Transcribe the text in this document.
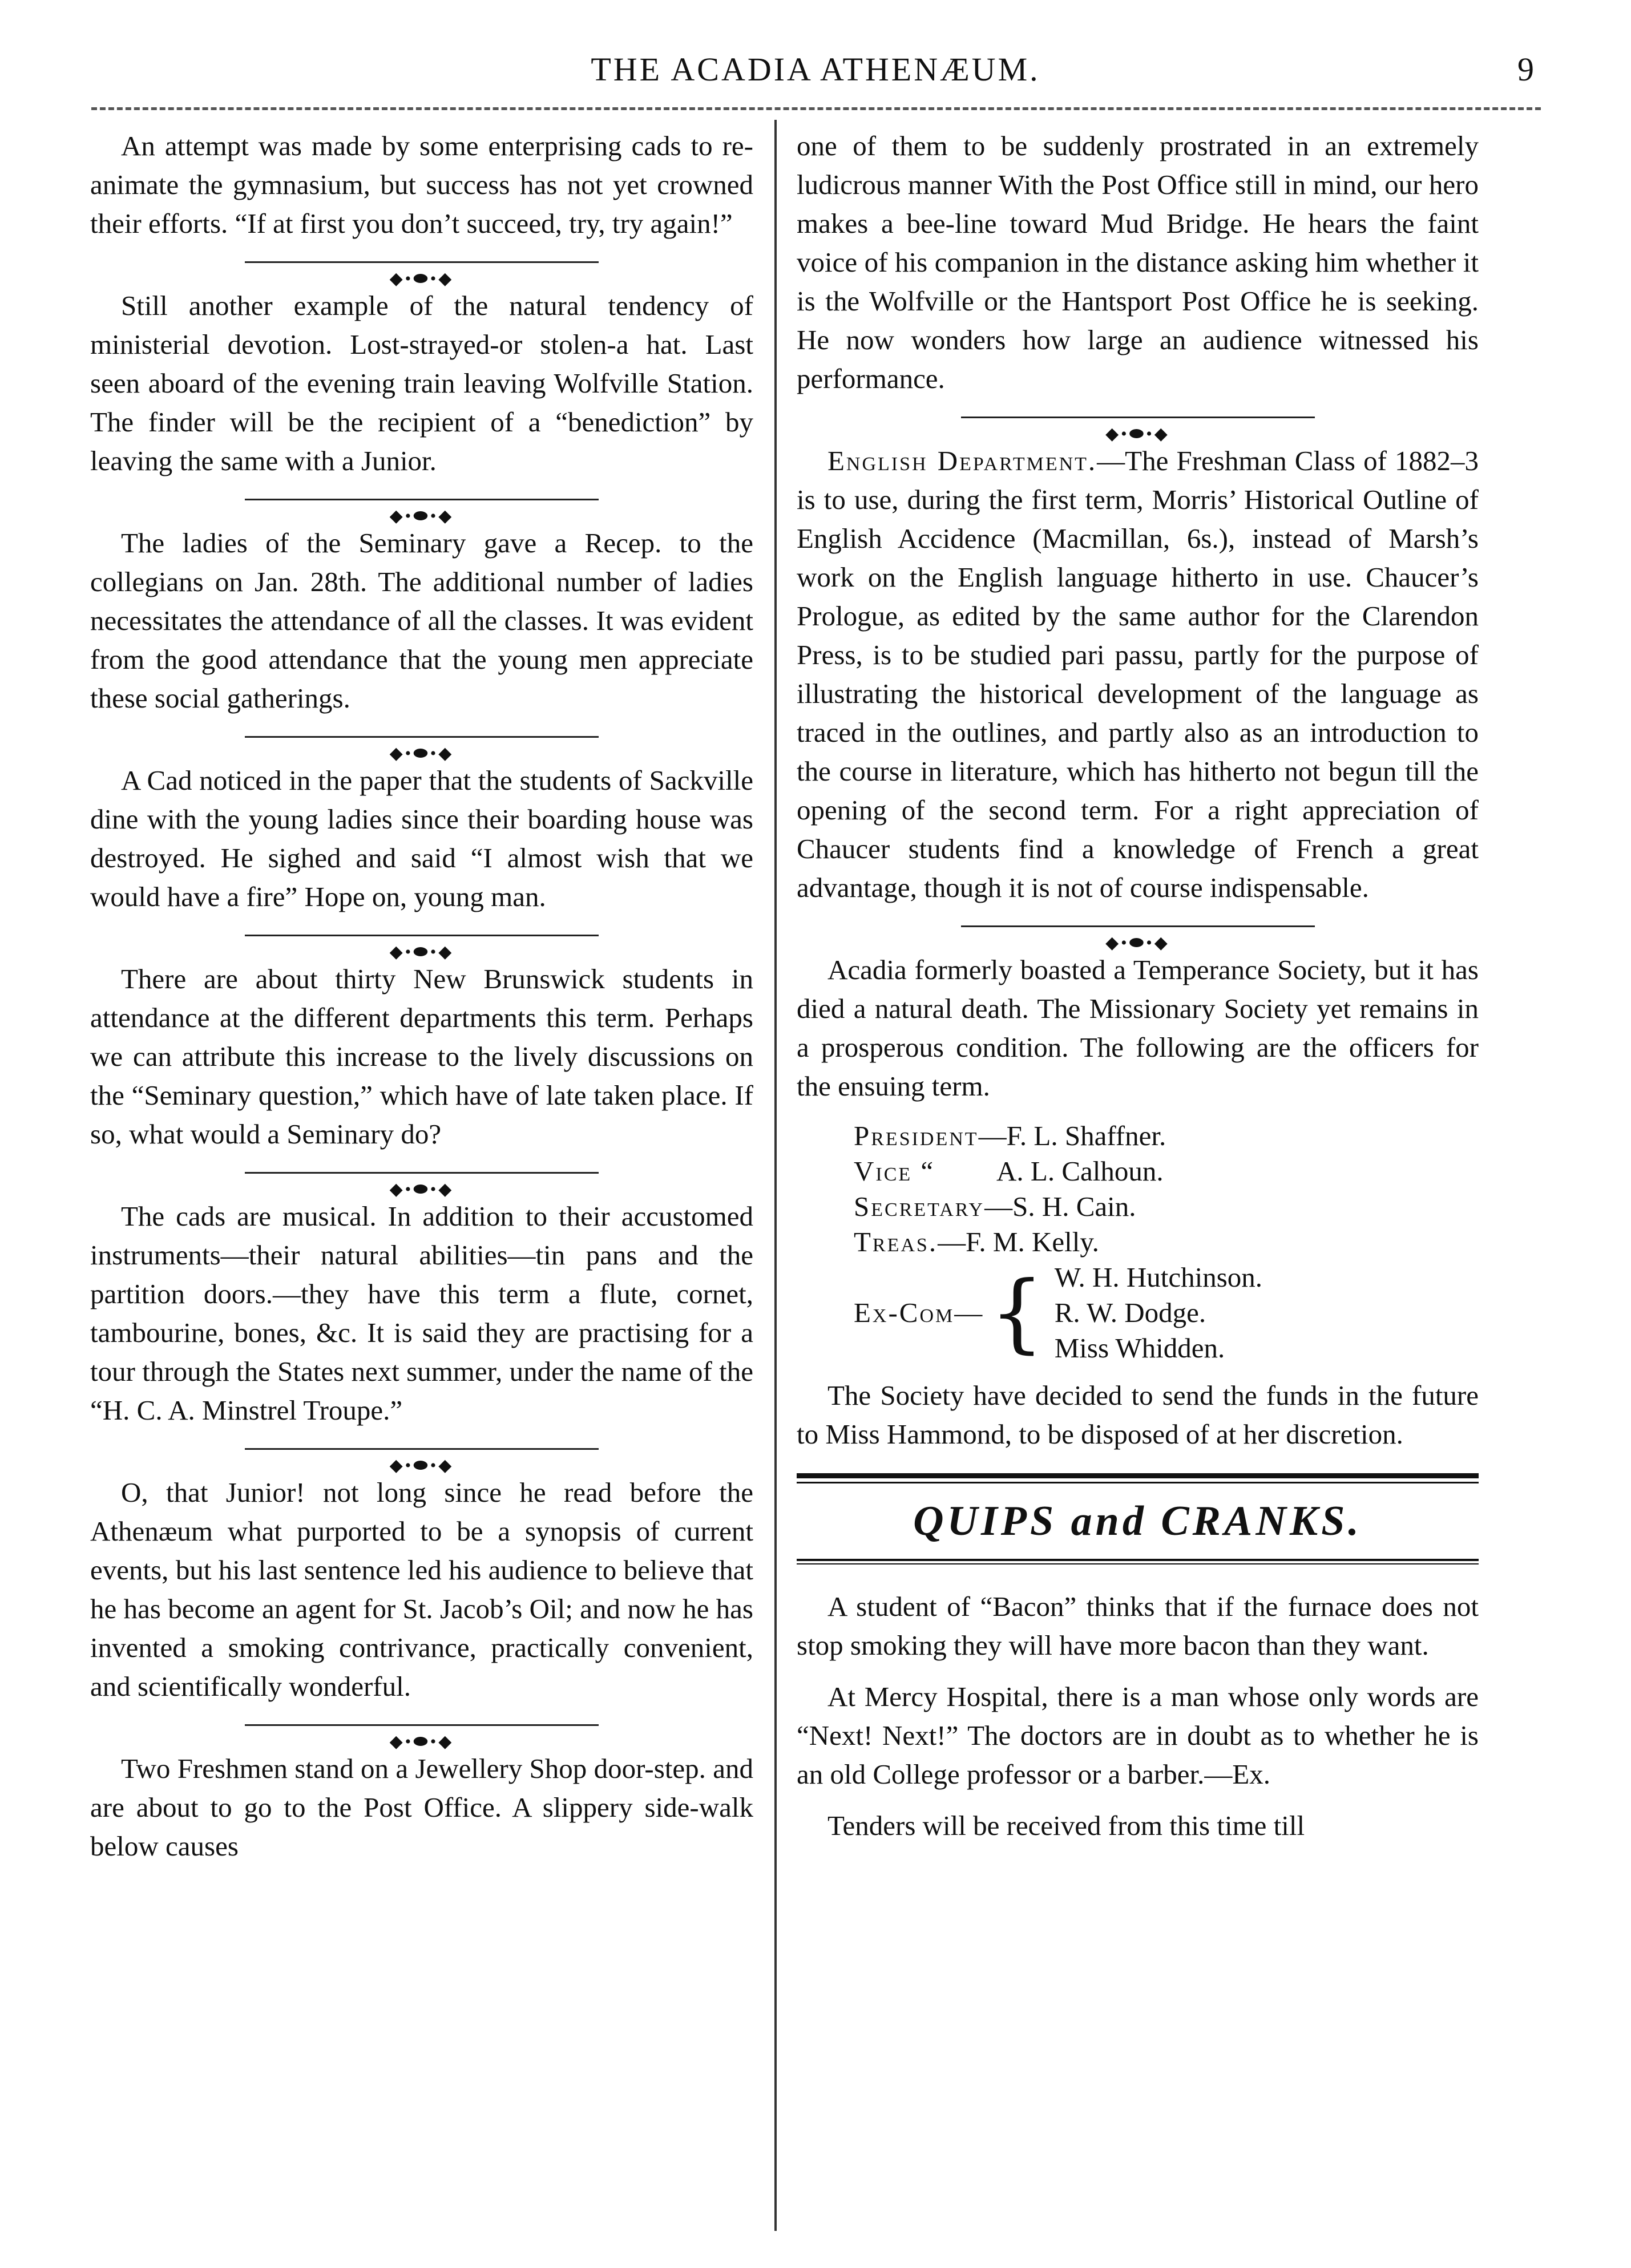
THE ACADIA ATHENÆUM.	9

An attempt was made by some enterprising cads to re-animate the gymnasium, but success has not yet crowned their efforts. “If at first you don’t succeed, try, try again!”

◆•⬬•◆

Still another example of the natural tendency of ministerial devotion. Lost-strayed-or stolen-a hat. Last seen aboard of the evening train leaving Wolfville Station. The finder will be the recipient of a “benediction” by leaving the same with a Junior.

◆•⬬•◆

The ladies of the Seminary gave a Recep. to the collegians on Jan. 28th. The additional number of ladies necessitates the attendance of all the classes. It was evident from the good attendance that the young men appreciate these social gatherings.

◆•⬬•◆

A Cad noticed in the paper that the students of Sackville dine with the young ladies since their boarding house was destroyed. He sighed and said “I almost wish that we would have a fire” Hope on, young man.

◆•⬬•◆

There are about thirty New Brunswick students in attendance at the different departments this term. Perhaps we can attribute this increase to the lively discussions on the “Seminary question,” which have of late taken place. If so, what would a Seminary do?

◆•⬬•◆

The cads are musical. In addition to their accustomed instruments—their natural abilities—tin pans and the partition doors.—they have this term a flute, cornet, tambourine, bones, &c. It is said they are practising for a tour through the States next summer, under the name of the “H. C. A. Minstrel Troupe.”

◆•⬬•◆

O, that Junior! not long since he read before the Athenæum what purported to be a synopsis of current events, but his last sentence led his audience to believe that he has become an agent for St. Jacob’s Oil; and now he has invented a smoking contrivance, practically convenient, and scientifically wonderful.

◆•⬬•◆

Two Freshmen stand on a Jewellery Shop door-step. and are about to go to the Post Office. A slippery side-walk below causes

one of them to be suddenly prostrated in an extremely ludicrous manner With the Post Office still in mind, our hero makes a bee-line toward Mud Bridge. He hears the faint voice of his companion in the distance asking him whether it is the Wolfville or the Hantsport Post Office he is seeking. He now wonders how large an audience witnessed his performance.

◆•⬬•◆

English Department.—The Freshman Class of 1882–3 is to use, during the first term, Morris’ Historical Outline of English Accidence (Macmillan, 6s.), instead of Marsh’s work on the English language hitherto in use. Chaucer’s Prologue, as edited by the same author for the Clarendon Press, is to be studied pari passu, partly for the purpose of illustrating the historical development of the language as traced in the outlines, and partly also as an introduction to the course in literature, which has hitherto not begun till the opening of the second term. For a right appreciation of Chaucer students find a knowledge of French a great advantage, though it is not of course indispensable.

◆•⬬•◆

Acadia formerly boasted a Temperance Society, but it has died a natural death. The Missionary Society yet remains in a prosperous condition. The following are the officers for the ensuing term.

President — F. L. Shaffner.
Vice “	A. L. Calhoun.
Secretary — S. H. Cain.
Treas. — F. M. Kelly.
Ex-Com— { W. H. Hutchinson.
R. W. Dodge.
Miss Whidden.

The Society have decided to send the funds in the future to Miss Hammond, to be disposed of at her discretion.

QUIPS and CRANKS.

A student of “Bacon” thinks that if the furnace does not stop smoking they will have more bacon than they want.

At Mercy Hospital, there is a man whose only words are “Next! Next!” The doctors are in doubt as to whether he is an old College professor or a barber.—Ex.

Tenders will be received from this time till
